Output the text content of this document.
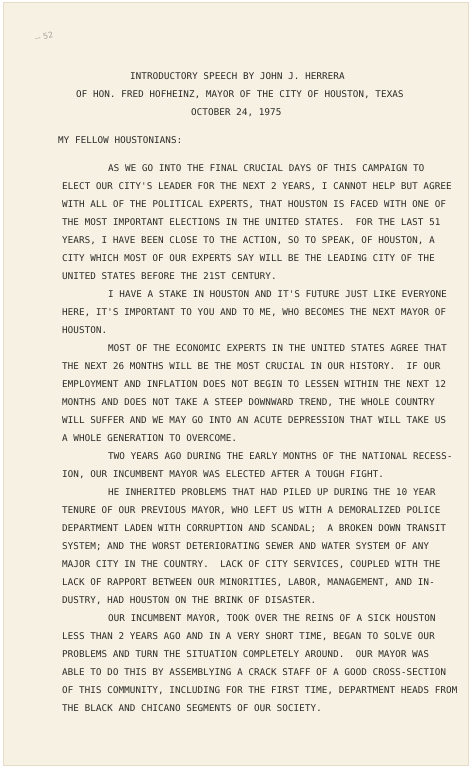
-- 52
INTRODUCTORY SPEECH BY JOHN J. HERRERA
OF HON. FRED HOFHEINZ, MAYOR OF THE CITY OF HOUSTON, TEXAS
OCTOBER 24, 1975
MY FELLOW HOUSTONIANS:
AS WE GO INTO THE FINAL CRUCIAL DAYS OF THIS CAMPAIGN TO
ELECT OUR CITY'S LEADER FOR THE NEXT 2 YEARS, I CANNOT HELP BUT AGREE
WITH ALL OF THE POLITICAL EXPERTS, THAT HOUSTON IS FACED WITH ONE OF
THE MOST IMPORTANT ELECTIONS IN THE UNITED STATES.  FOR THE LAST 51
YEARS, I HAVE BEEN CLOSE TO THE ACTION, SO TO SPEAK, OF HOUSTON, A
CITY WHICH MOST OF OUR EXPERTS SAY WILL BE THE LEADING CITY OF THE
UNITED STATES BEFORE THE 21ST CENTURY.
I HAVE A STAKE IN HOUSTON AND IT'S FUTURE JUST LIKE EVERYONE
HERE, IT'S IMPORTANT TO YOU AND TO ME, WHO BECOMES THE NEXT MAYOR OF
HOUSTON.
MOST OF THE ECONOMIC EXPERTS IN THE UNITED STATES AGREE THAT
THE NEXT 26 MONTHS WILL BE THE MOST CRUCIAL IN OUR HISTORY.  IF OUR
EMPLOYMENT AND INFLATION DOES NOT BEGIN TO LESSEN WITHIN THE NEXT 12
MONTHS AND DOES NOT TAKE A STEEP DOWNWARD TREND, THE WHOLE COUNTRY
WILL SUFFER AND WE MAY GO INTO AN ACUTE DEPRESSION THAT WILL TAKE US
A WHOLE GENERATION TO OVERCOME.
TWO YEARS AGO DURING THE EARLY MONTHS OF THE NATIONAL RECESS-
ION, OUR INCUMBENT MAYOR WAS ELECTED AFTER A TOUGH FIGHT.
HE INHERITED PROBLEMS THAT HAD PILED UP DURING THE 10 YEAR
TENURE OF OUR PREVIOUS MAYOR, WHO LEFT US WITH A DEMORALIZED POLICE
DEPARTMENT LADEN WITH CORRUPTION AND SCANDAL;  A BROKEN DOWN TRANSIT
SYSTEM; AND THE WORST DETERIORATING SEWER AND WATER SYSTEM OF ANY
MAJOR CITY IN THE COUNTRY.  LACK OF CITY SERVICES, COUPLED WITH THE
LACK OF RAPPORT BETWEEN OUR MINORITIES, LABOR, MANAGEMENT, AND IN-
DUSTRY, HAD HOUSTON ON THE BRINK OF DISASTER.
OUR INCUMBENT MAYOR, TOOK OVER THE REINS OF A SICK HOUSTON
LESS THAN 2 YEARS AGO AND IN A VERY SHORT TIME, BEGAN TO SOLVE OUR
PROBLEMS AND TURN THE SITUATION COMPLETELY AROUND.  OUR MAYOR WAS
ABLE TO DO THIS BY ASSEMBLYING A CRACK STAFF OF A GOOD CROSS-SECTION
OF THIS COMMUNITY, INCLUDING FOR THE FIRST TIME, DEPARTMENT HEADS FROM
THE BLACK AND CHICANO SEGMENTS OF OUR SOCIETY.
